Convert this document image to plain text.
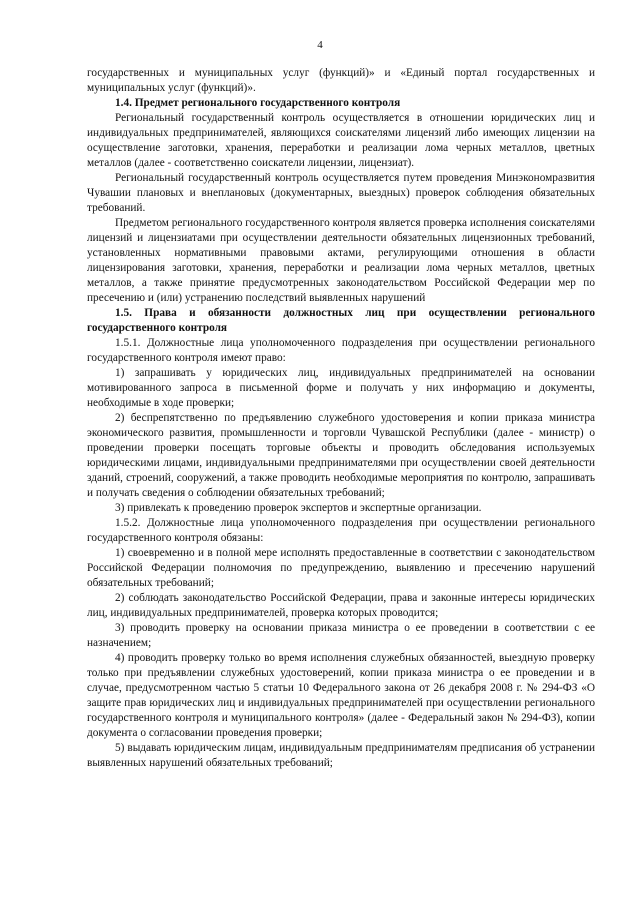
4

государственных и муниципальных услуг (функций)» и «Единый портал государственных и муниципальных услуг (функций)».

1.4. Предмет регионального государственного контроля

Региональный государственный контроль осуществляется в отношении юридических лиц и индивидуальных предпринимателей, являющихся соискателями лицензий либо имеющих лицензии на осуществление заготовки, хранения, переработки и реализации лома черных металлов, цветных металлов (далее - соответственно соискатели лицензии, лицензиат).

Региональный государственный контроль осуществляется путем проведения Минэкономразвития Чувашии плановых и внеплановых (документарных, выездных) проверок соблюдения обязательных требований.

Предметом регионального государственного контроля является проверка исполнения соискателями лицензий и лицензиатами при осуществлении деятельности обязательных лицензионных требований, установленных нормативными правовыми актами, регулирующими отношения в области лицензирования заготовки, хранения, переработки и реализации лома черных металлов, цветных металлов, а также принятие предусмотренных законодательством Российской Федерации мер по пресечению и (или) устранению последствий выявленных нарушений

1.5. Права и обязанности должностных лиц при осуществлении регионального государственного контроля

1.5.1. Должностные лица уполномоченного подразделения при осуществлении регионального государственного контроля имеют право:

1) запрашивать у юридических лиц, индивидуальных предпринимателей на основании мотивированного запроса в письменной форме и получать у них информацию и документы, необходимые в ходе проверки;

2) беспрепятственно по предъявлению служебного удостоверения и копии приказа министра экономического развития, промышленности и торговли Чувашской Республики (далее - министр) о проведении проверки посещать торговые объекты и проводить обследования используемых юридическими лицами, индивидуальными предпринимателями при осуществлении своей деятельности зданий, строений, сооружений, а также проводить необходимые мероприятия по контролю, запрашивать и получать сведения о соблюдении обязательных требований;

3) привлекать к проведению проверок экспертов и экспертные организации.

1.5.2. Должностные лица уполномоченного подразделения при осуществлении регионального государственного контроля обязаны:

1) своевременно и в полной мере исполнять предоставленные в соответствии с законодательством Российской Федерации полномочия по предупреждению, выявлению и пресечению нарушений обязательных требований;

2) соблюдать законодательство Российской Федерации, права и законные интересы юридических лиц, индивидуальных предпринимателей, проверка которых проводится;

3) проводить проверку на основании приказа министра о ее проведении в соответствии с ее назначением;

4) проводить проверку только во время исполнения служебных обязанностей, выездную проверку только при предъявлении служебных удостоверений, копии приказа министра о ее проведении и в случае, предусмотренном частью 5 статьи 10 Федерального закона от 26 декабря 2008 г. № 294-ФЗ «О защите прав юридических лиц и индивидуальных предпринимателей при осуществлении регионального государственного контроля и муниципального контроля» (далее - Федеральный закон № 294-ФЗ), копии документа о согласовании проведения проверки;

5) выдавать юридическим лицам, индивидуальным предпринимателям предписания об устранении выявленных нарушений обязательных требований;
